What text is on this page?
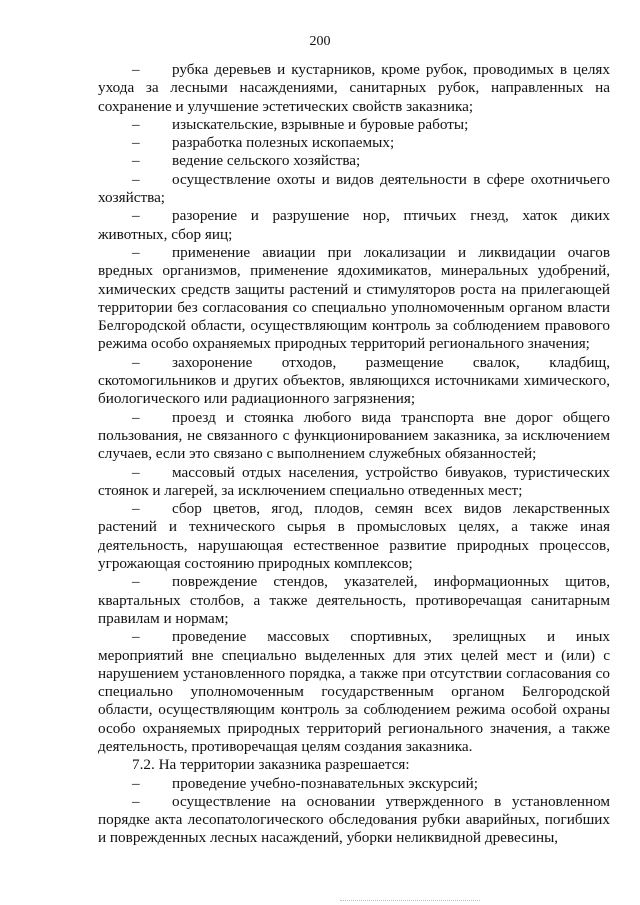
200

– рубка деревьев и кустарников, кроме рубок, проводимых в целях ухода за лесными насаждениями, санитарных рубок, направленных на сохранение и улучшение эстетических свойств заказника;

– изыскательские, взрывные и буровые работы;

– разработка полезных ископаемых;

– ведение сельского хозяйства;

– осуществление охоты и видов деятельности в сфере охотничьего хозяйства;

– разорение и разрушение нор, птичьих гнезд, хаток диких животных, сбор яиц;

– применение авиации при локализации и ликвидации очагов вредных организмов, применение ядохимикатов, минеральных удобрений, химических средств защиты растений и стимуляторов роста на прилегающей территории без согласования со специально уполномоченным органом власти Белгородской области, осуществляющим контроль за соблюдением правового режима особо охраняемых природных территорий регионального значения;

– захоронение отходов, размещение свалок, кладбищ, скотомогильников и других объектов, являющихся источниками химического, биологического или радиационного загрязнения;

– проезд и стоянка любого вида транспорта вне дорог общего пользования, не связанного с функционированием заказника, за исключением случаев, если это связано с выполнением служебных обязанностей;

– массовый отдых населения, устройство бивуаков, туристических стоянок и лагерей, за исключением специально отведенных мест;

– сбор цветов, ягод, плодов, семян всех видов лекарственных растений и технического сырья в промысловых целях, а также иная деятельность, нарушающая естественное развитие природных процессов, угрожающая состоянию природных комплексов;

– повреждение стендов, указателей, информационных щитов, квартальных столбов, а также деятельность, противоречащая санитарным правилам и нормам;

– проведение массовых спортивных, зрелищных и иных мероприятий вне специально выделенных для этих целей мест и (или) с нарушением установленного порядка, а также при отсутствии согласования со специально уполномоченным государственным органом Белгородской области, осуществляющим контроль за соблюдением режима особой охраны особо охраняемых природных территорий регионального значения, а также деятельность, противоречащая целям создания заказника.

7.2. На территории заказника разрешается:

– проведение учебно-познавательных экскурсий;

– осуществление на основании утвержденного в установленном порядке акта лесопатологического обследования рубки аварийных, погибших и поврежденных лесных насаждений, уборки неликвидной древесины,
